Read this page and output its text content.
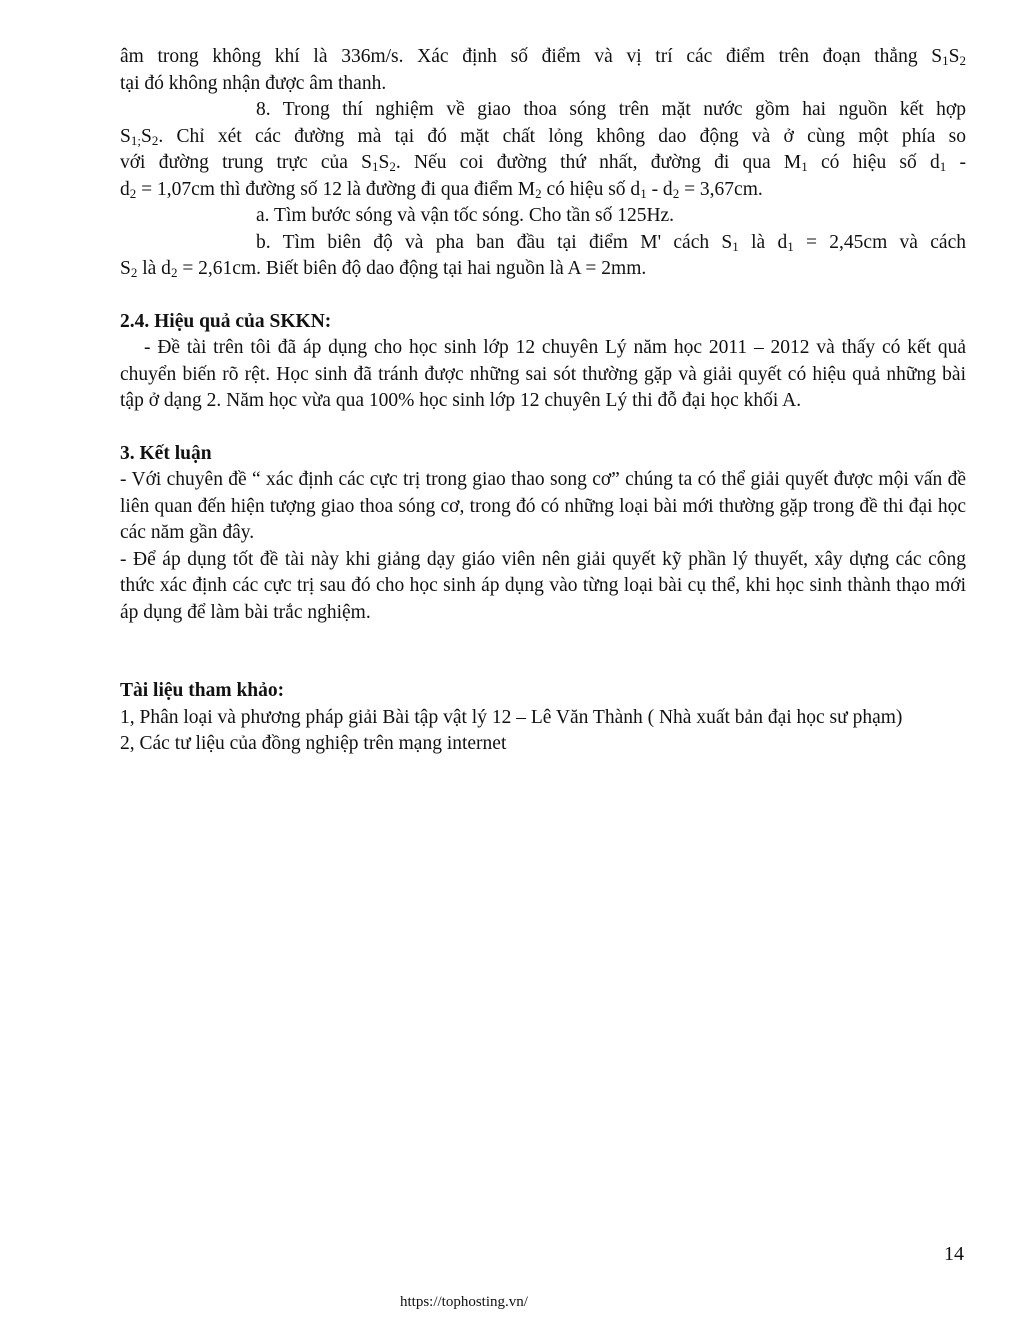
âm trong không khí là 336m/s. Xác định số điểm và vị trí các điểm trên đoạn thẳng $S_1S_2$
tại đó không nhận được âm thanh.
8. Trong thí nghiệm về giao thoa sóng trên mặt nước gồm hai nguồn kết hợp
$S_{1;}S_2$. Chỉ xét các đường mà tại đó mặt chất lỏng không dao động và ở cùng một phía so
với đường trung trực của $S_1S_2$. Nếu coi đường thứ nhất, đường đi qua $M_1$ có hiệu số $d_1$ -
$d_2 = 1,07cm$ thì đường số 12 là đường đi qua điểm $M_2$ có hiệu số $d_1 - d_2 = 3,67cm$.
a. Tìm bước sóng và vận tốc sóng. Cho tần số 125Hz.
b. Tìm biên độ và pha ban đầu tại điểm M' cách $S_1$ là $d_1 = 2,45cm$ và cách
$S_2$ là $d_2 = 2,61cm$. Biết biên độ dao động tại hai nguồn là A = 2mm.

2.4. Hiệu quả của SKKN:

- Đề tài trên tôi đã áp dụng cho học sinh lớp 12 chuyên Lý năm học 2011 – 2012 và thấy có kết quả chuyển biến rõ rệt. Học sinh đã tránh được những sai sót thường gặp và giải quyết có hiệu quả những bài tập ở dạng 2. Năm học vừa qua 100% học sinh lớp 12 chuyên Lý thi đỗ đại học khối A.

3. Kết luận

- Với chuyên đề “ xác định các cực trị trong giao thao song cơ” chúng ta có thể giải quyết được mội vấn đề liên quan đến hiện tượng giao thoa sóng cơ, trong đó có những loại bài mới thường gặp trong đề thi đại học các năm gần đây.

- Để áp dụng tốt đề tài này khi giảng dạy giáo viên nên giải quyết kỹ phần lý thuyết, xây dựng các công thức xác định các cực trị sau đó cho học sinh áp dụng vào từng loại bài cụ thể, khi học sinh thành thạo mới áp dụng để làm bài trắc nghiệm.

Tài liệu tham khảo:

1, Phân loại và phương pháp giải Bài tập vật lý 12 – Lê Văn Thành ( Nhà xuất bản đại học sư phạm)

2, Các tư liệu của đồng nghiệp trên mạng internet

14
https://tophosting.vn/
